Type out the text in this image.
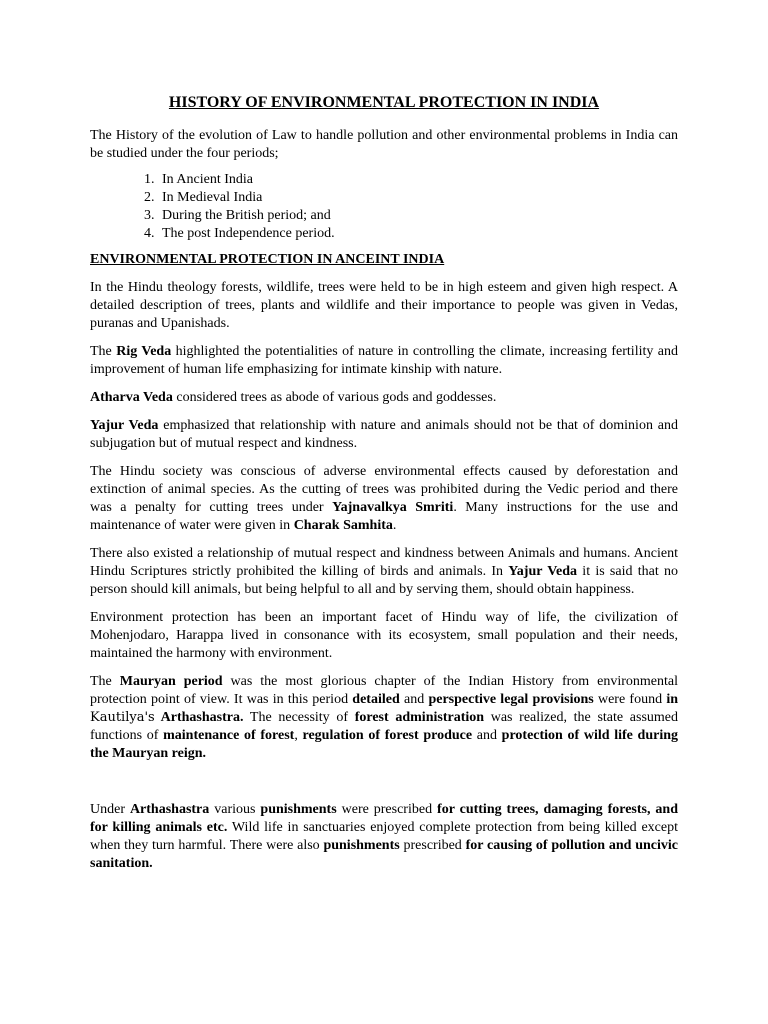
HISTORY OF ENVIRONMENTAL PROTECTION IN INDIA

The History of the evolution of Law to handle pollution and other environmental problems in India can be studied under the four periods;

1. In Ancient India
2. In Medieval India
3. During the British period; and
4. The post Independence period.
ENVIRONMENTAL PROTECTION IN ANCEINT INDIA

In the Hindu theology forests, wildlife, trees were held to be in high esteem and given high respect. A detailed description of trees, plants and wildlife and their importance to people was given in Vedas, puranas and Upanishads.

The Rig Veda highlighted the potentialities of nature in controlling the climate, increasing fertility and improvement of human life emphasizing for intimate kinship with nature.

Atharva Veda considered trees as abode of various gods and goddesses.

Yajur Veda emphasized that relationship with nature and animals should not be that of dominion and subjugation but of mutual respect and kindness.

The Hindu society was conscious of adverse environmental effects caused by deforestation and extinction of animal species. As the cutting of trees was prohibited during the Vedic period and there was a penalty for cutting trees under Yajnavalkya Smriti. Many instructions for the use and maintenance of water were given in Charak Samhita.

There also existed a relationship of mutual respect and kindness between Animals and humans. Ancient Hindu Scriptures strictly prohibited the killing of birds and animals. In Yajur Veda it is said that no person should kill animals, but being helpful to all and by serving them, should obtain happiness.

Environment protection has been an important facet of Hindu way of life, the civilization of Mohenjodaro, Harappa lived in consonance with its ecosystem, small population and their needs, maintained the harmony with environment.

The Mauryan period was the most glorious chapter of the Indian History from environmental protection point of view. It was in this period detailed and perspective legal provisions were found in Kautilya's Arthashastra. The necessity of forest administration was realized, the state assumed functions of maintenance of forest, regulation of forest produce and protection of wild life during the Mauryan reign.

Under Arthashastra various punishments were prescribed for cutting trees, damaging forests, and for killing animals etc. Wild life in sanctuaries enjoyed complete protection from being killed except when they turn harmful. There were also punishments prescribed for causing of pollution and uncivic sanitation.
